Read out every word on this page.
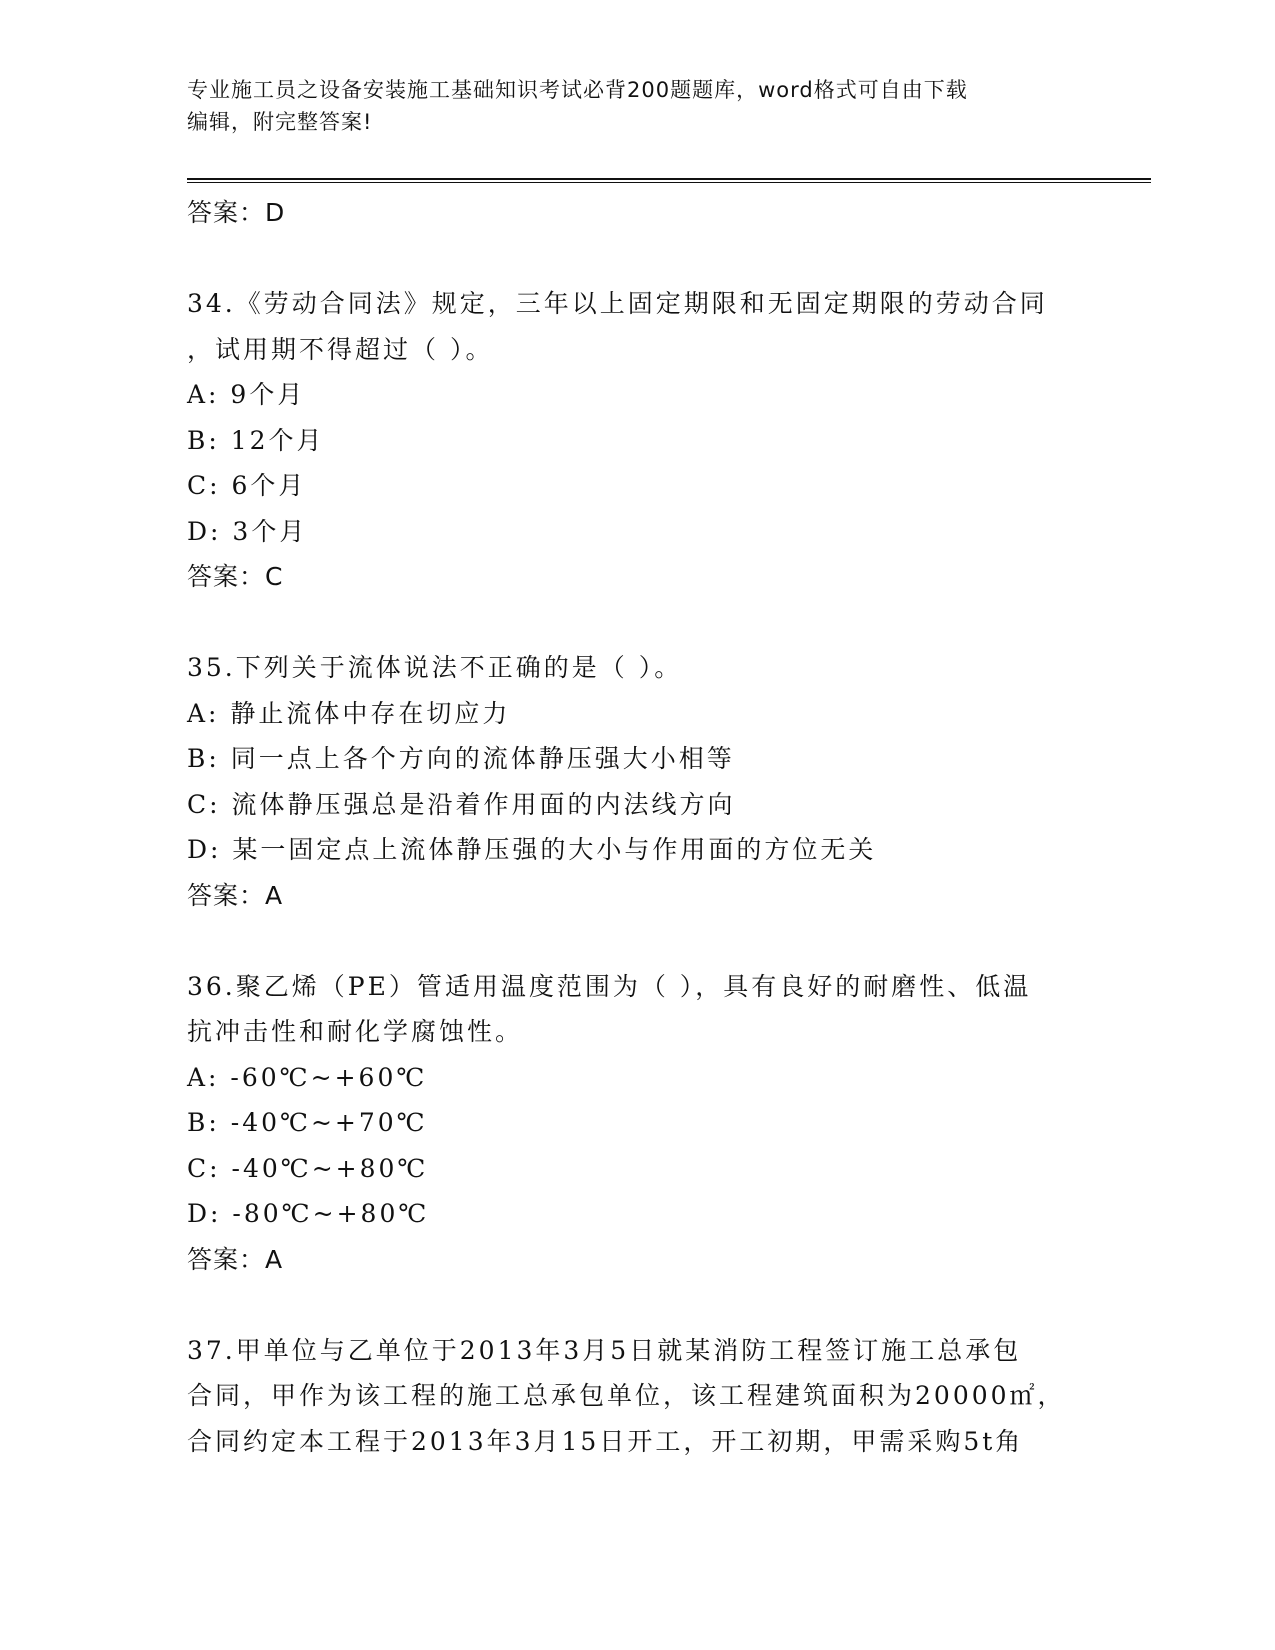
专业施工员之设备安装施工基础知识考试必背200题题库，word格式可自由下载
编辑，附完整答案!
答案：D
34.《劳动合同法》规定，三年以上固定期限和无固定期限的劳动合同
，试用期不得超过（ ）。
A: 9个月
B: 12个月
C: 6个月
D: 3个月
答案：C
35.下列关于流体说法不正确的是（ ）。
A: 静止流体中存在切应力
B: 同一点上各个方向的流体静压强大小相等
C: 流体静压强总是沿着作用面的内法线方向
D: 某一固定点上流体静压强的大小与作用面的方位无关
答案：A
36.聚乙烯（PE）管适用温度范围为（ ），具有良好的耐磨性、低温
抗冲击性和耐化学腐蚀性。
A: -60℃~+60℃
B: -40℃~+70℃
C: -40℃~+80℃
D: -80℃~+80℃
答案：A
37.甲单位与乙单位于2013年3月5日就某消防工程签订施工总承包
合同，甲作为该工程的施工总承包单位，该工程建筑面积为20000㎡，
合同约定本工程于2013年3月15日开工，开工初期，甲需采购5t角
